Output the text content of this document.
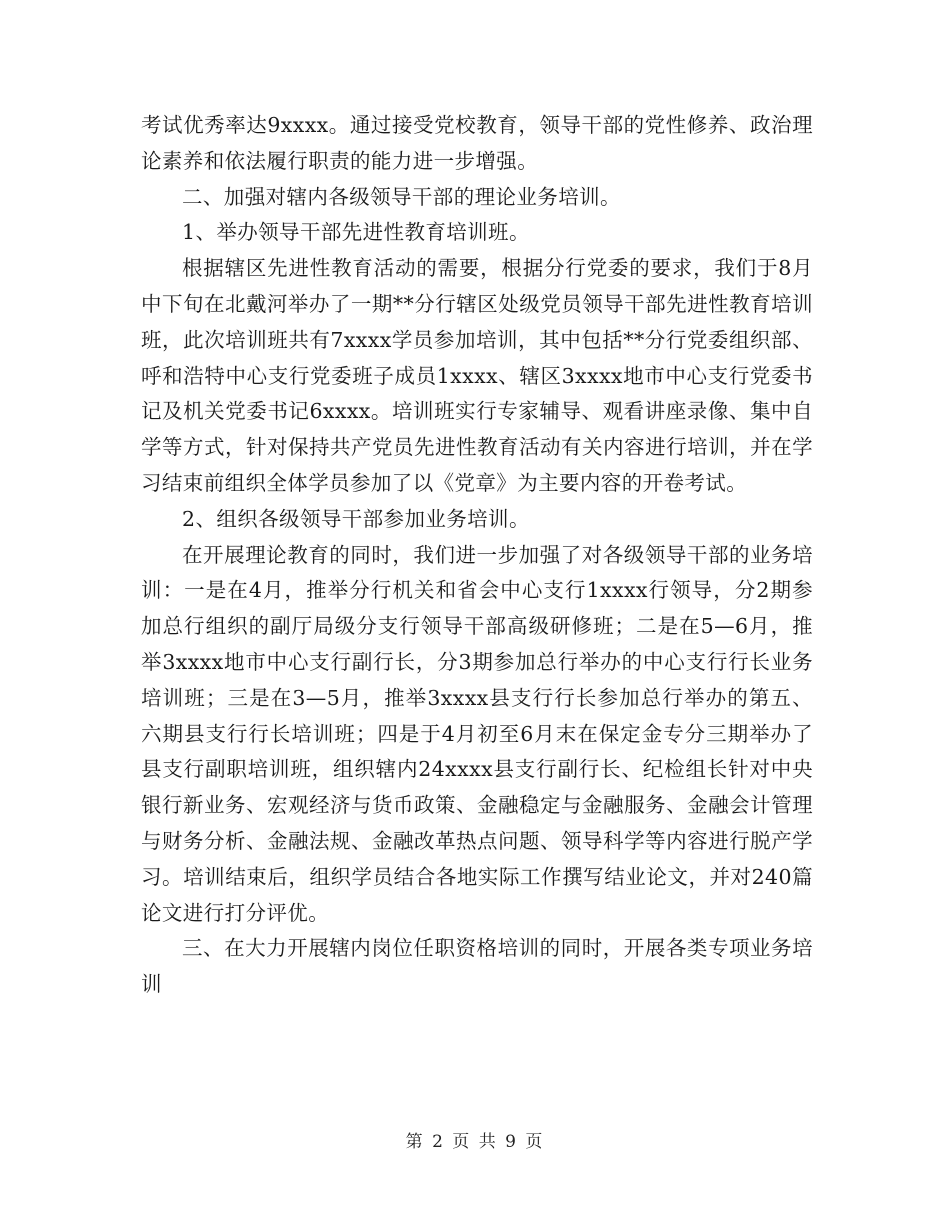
考试优秀率达9xxxx。通过接受党校教育，领导干部的党性修养、政治理论素养和依法履行职责的能力进一步增强。

二、加强对辖内各级领导干部的理论业务培训。

1、举办领导干部先进性教育培训班。

根据辖区先进性教育活动的需要，根据分行党委的要求，我们于8月中下旬在北戴河举办了一期**分行辖区处级党员领导干部先进性教育培训班，此次培训班共有7xxxx学员参加培训，其中包括**分行党委组织部、呼和浩特中心支行党委班子成员1xxxx、辖区3xxxx地市中心支行党委书记及机关党委书记6xxxx。培训班实行专家辅导、观看讲座录像、集中自学等方式，针对保持共产党员先进性教育活动有关内容进行培训，并在学习结束前组织全体学员参加了以《党章》为主要内容的开卷考试。

2、组织各级领导干部参加业务培训。

在开展理论教育的同时，我们进一步加强了对各级领导干部的业务培训：一是在4月，推举分行机关和省会中心支行1xxxx行领导，分2期参加总行组织的副厅局级分支行领导干部高级研修班；二是在5—6月，推举3xxxx地市中心支行副行长，分3期参加总行举办的中心支行行长业务培训班；三是在3—5月，推举3xxxx县支行行长参加总行举办的第五、六期县支行行长培训班；四是于4月初至6月末在保定金专分三期举办了县支行副职培训班，组织辖内24xxxx县支行副行长、纪检组长针对中央银行新业务、宏观经济与货币政策、金融稳定与金融服务、金融会计管理与财务分析、金融法规、金融改革热点问题、领导科学等内容进行脱产学习。培训结束后，组织学员结合各地实际工作撰写结业论文，并对240篇论文进行打分评优。

三、在大力开展辖内岗位任职资格培训的同时，开展各类专项业务培训

第 2 页 共 9 页
